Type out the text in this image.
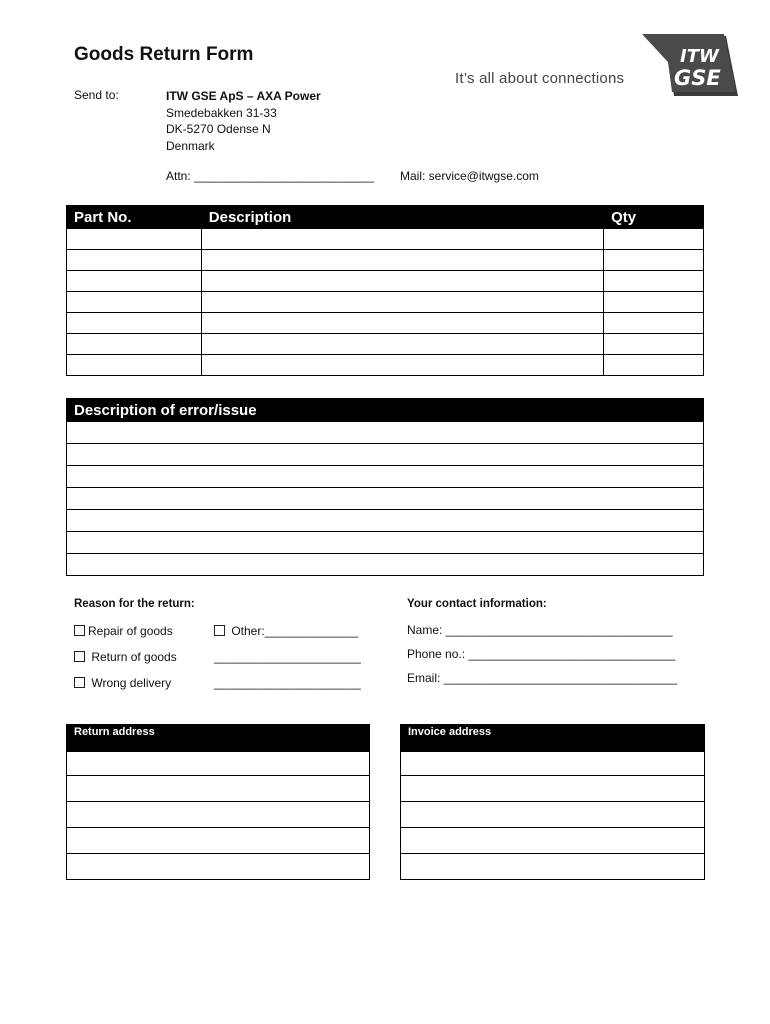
Goods Return Form
Send to:	ITW GSE ApS – AXA Power
Smedebakken 31-33
DK-5270 Odense N
Denmark
Attn: ___________________________ Mail: service@itwgse.com
It’s all about connections
ITW
GSE
Part No.	Description	Qty

Description of error/issue

Reason for the return:
Repair of goods
Return of goods
Wrong delivery
Other:______________
______________________
______________________
Your contact information:
Name: __________________________________
Phone no.: _______________________________
Email: ___________________________________
Return address	Invoice address
